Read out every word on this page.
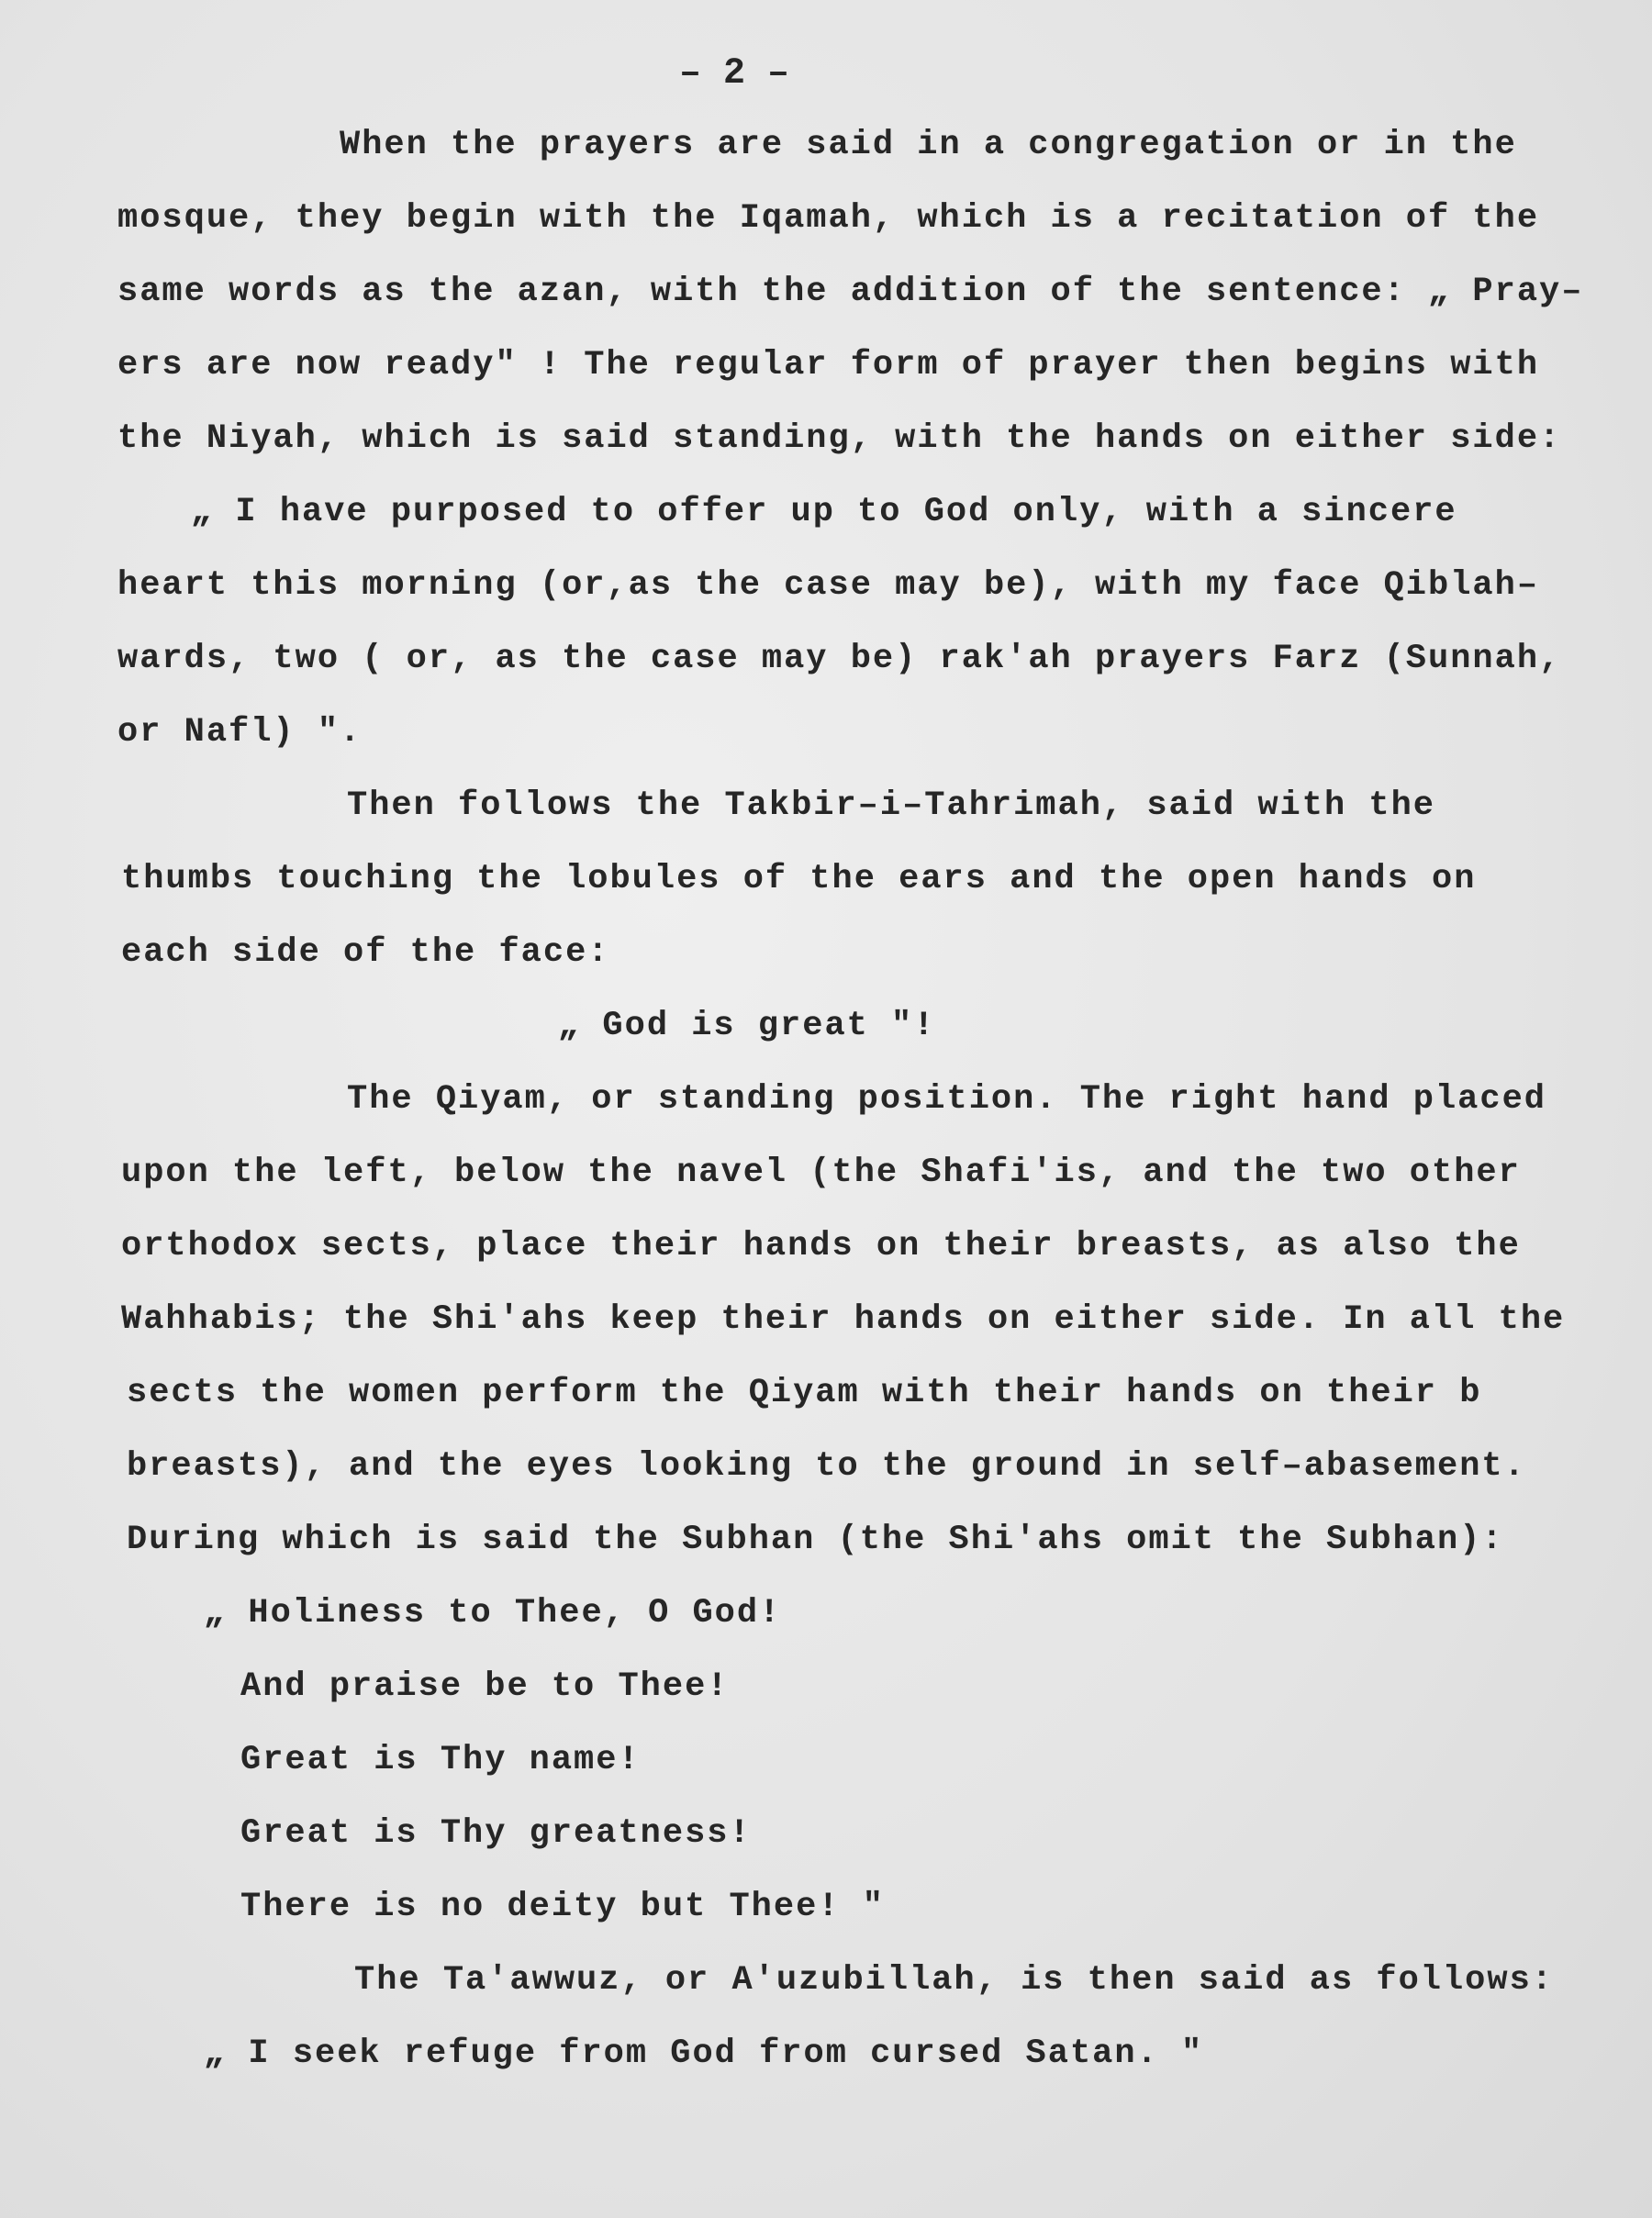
– 2 –
When the prayers are said in a congregation or in the
mosque, they begin with the Iqamah, which is a recitation of the
same words as the azan, with the addition of the sentence: „ Pray–
ers are now ready" ! The regular form of prayer then begins with
the Niyah, which is said standing, with the hands on either side:
„ I have purposed to offer up to God only, with a sincere
heart this morning (or,as the case may be), with my face Qiblah–
wards, two ( or, as the case may be) rak'ah prayers Farz (Sunnah,
or Nafl) ".
Then follows the Takbir–i–Tahrimah, said with the
thumbs touching the lobules of the ears and the open hands on
each side of the face:
„ God is great "!
The Qiyam, or standing position. The right hand placed
upon the left, below the navel (the Shafi'is, and the two other
orthodox sects, place their hands on their breasts, as also the
Wahhabis; the Shi'ahs keep their hands on either side. In all the
sects the women perform the Qiyam with their hands on their b
breasts), and the eyes looking to the ground in self–abasement.
During which is said the Subhan (the Shi'ahs omit the Subhan):
„ Holiness to Thee, O God!
And praise be to Thee!
Great is Thy name!
Great is Thy greatness!
There is no deity but Thee! "
The Ta'awwuz, or A'uzubillah, is then said as follows:
„ I seek refuge from God from cursed Satan. "
